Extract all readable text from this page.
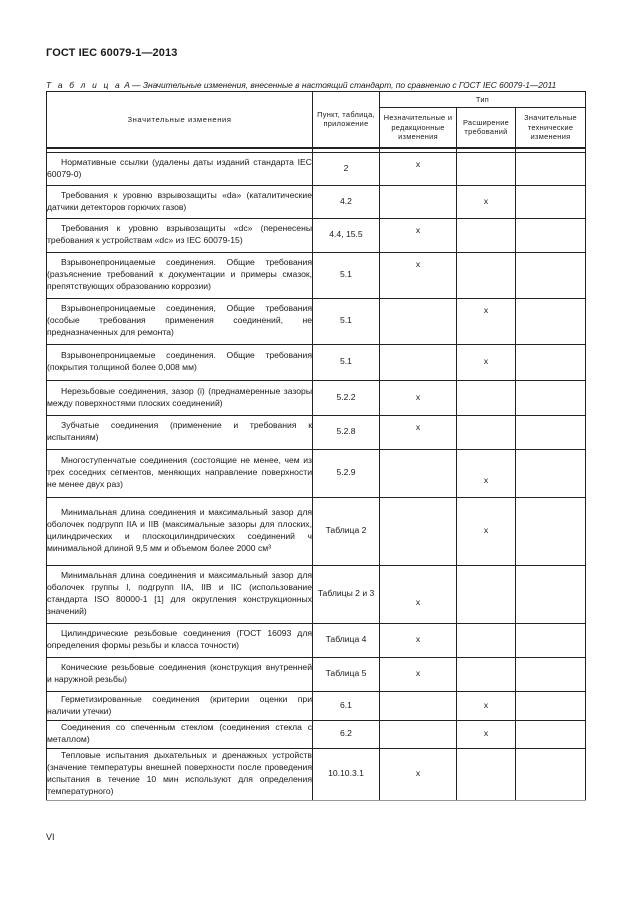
ГОСТ IEC 60079-1—2013
Т а б л и ц а А — Значительные изменения, внесенные в настоящий стандарт, по сравнению с ГОСТ IEC 60079-1—2011
Значительные изменения	Пункт, таблица, приложение	Тип		
		Незначительные и редакционные изменения	Расширение требований	Значительные технические изменения

Нормативные ссылки (удалены даты изданий стандарта IEC 60079-0)	2	x		

Требования к уровню взрывозащиты «da» (каталитические датчики детекторов горючих газов)	4.2		x	

Требования к уровню взрывозащиты «dc» (перенесены требования к устройствам «dc» из IEC 60079-15)	4.4, 15.5	x		

Взрывонепроницаемые соединения. Общие требования (разъяснение требований к документации и примеры смазок, препятствующих образованию коррозии)	5.1	x		

Взрывонепроницаемые соединения, Общие требования (особые требования применения соединений, не предназначенных для ремонта)	5.1		x	

Взрывонепроницаемые соединения. Общие требования (покрытия толщиной более 0,008 мм)	5.1		x	

Нерезьбовые соединения, зазор (i) (преднамеренные зазоры между поверхностями плоских соединений)	5.2.2	x		

Зубчатые соединения (применение и требования к испытаниям)	5.2.8	x		

Многоступенчатые соединения (состоящие не менее, чем из трех соседних сегментов, меняющих направление поверхности не менее двух раз)	5.2.9		x	

Минимальная длина соединения и максимальный зазор для оболочек подгрупп IIA и IIB (максимальные зазоры для плоских, цилиндрических и плоскоцилиндрических соединений ч минимальной длиной 9,5 мм и объемом более 2000 см³	Таблица 2		x	

Минимальная длина соединения и максимальный зазор для оболочек группы I, подгрупп IIA, IIB и IIC (использование стандарта ISO 80000-1 [1] для округления конструкционных значений)	Таблицы 2 и 3	x		

Цилиндрические резьбовые соединения (ГОСТ 16093 для определения формы резьбы и класса точности)	Таблица 4	x		

Конические резьбовые соединения (конструкция внутренней и наружной резьбы)	Таблица 5	x		

Герметизированные соединения (критерии оценки при наличии утечки)	6.1		x	

Соединения со спеченным стеклом (соединения стекла с металлом)	6.2		x	

Тепловые испытания дыхательных и дренажных устройств (значение температуры внешней поверхности после проведения испытания в течение 10 мин используют для определения температурного)	10.10.3.1	x		
VI
